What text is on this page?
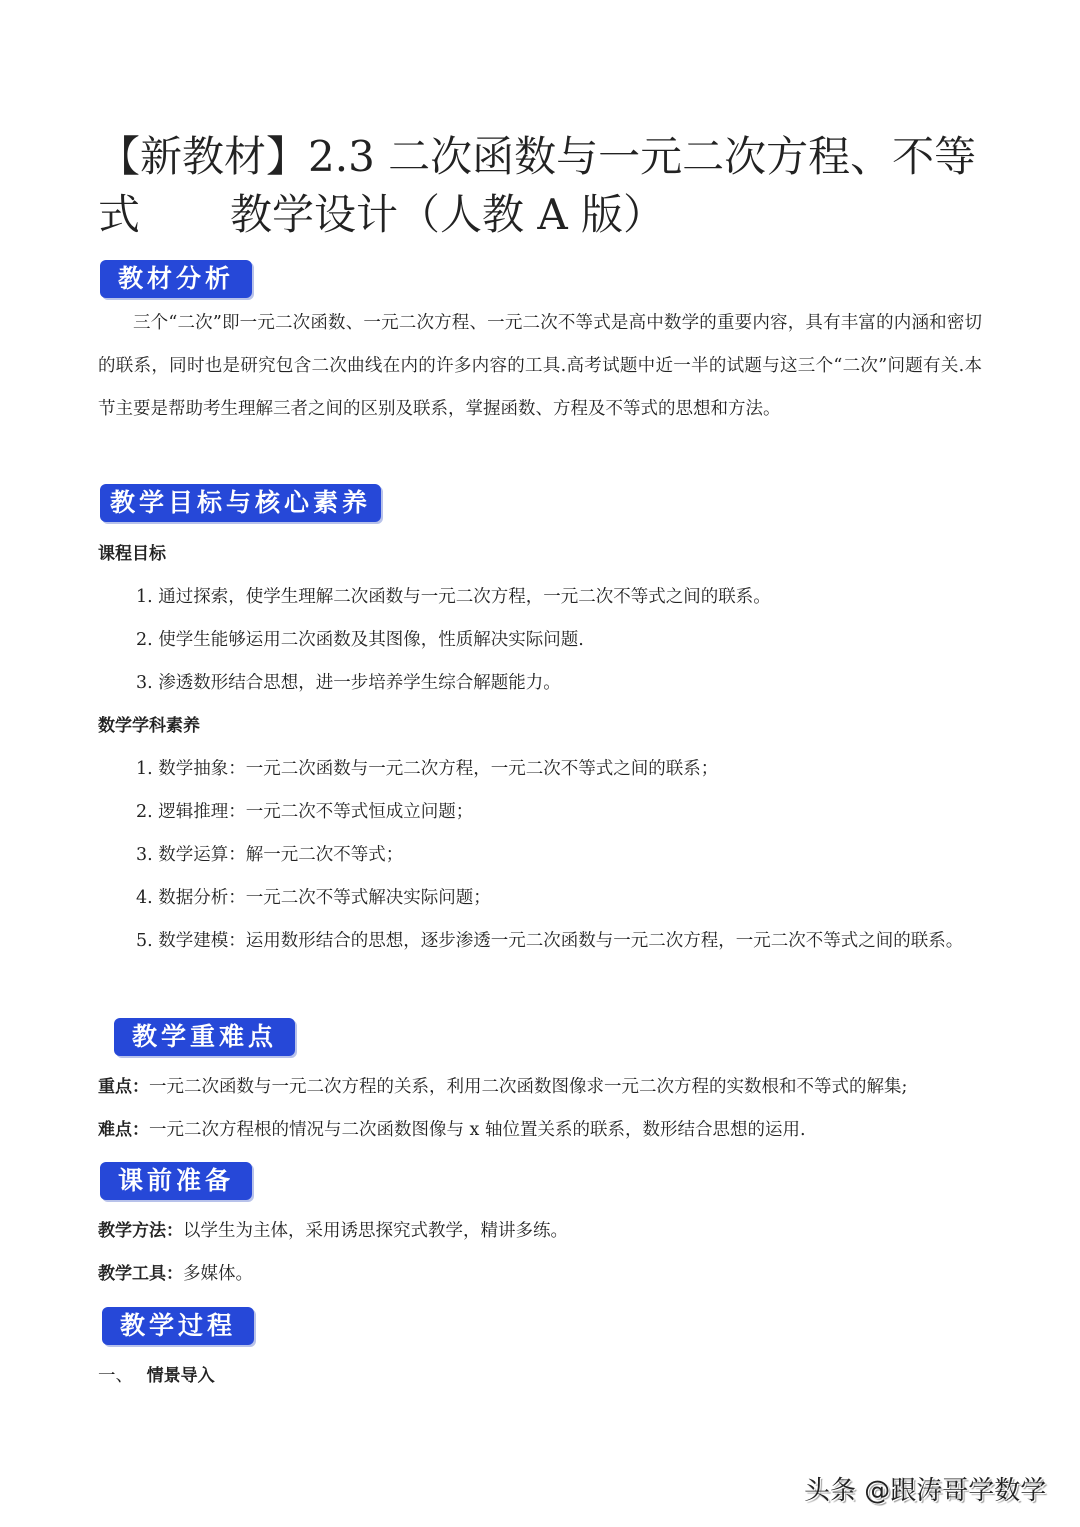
【新教材】2.3 二次函数与一元二次方程、不等
式 教学设计（人教 A 版）
教材分析
三个“二次”即一元二次函数、一元二次方程、一元二次不等式是高中数学的重要内容，具有丰富的内涵和密切的联系，同时也是研究包含二次曲线在内的许多内容的工具.高考试题中近一半的试题与这三个“二次”问题有关.本节主要是帮助考生理解三者之间的区别及联系，掌握函数、方程及不等式的思想和方法。
教学目标与核心素养
课程目标
1. 通过探索，使学生理解二次函数与一元二次方程，一元二次不等式之间的联系。
2. 使学生能够运用二次函数及其图像，性质解决实际问题.
3. 渗透数形结合思想，进一步培养学生综合解题能力。
数学学科素养
1. 数学抽象：一元二次函数与一元二次方程，一元二次不等式之间的联系；
2. 逻辑推理：一元二次不等式恒成立问题；
3. 数学运算：解一元二次不等式；
4. 数据分析：一元二次不等式解决实际问题；
5. 数学建模：运用数形结合的思想，逐步渗透一元二次函数与一元二次方程，一元二次不等式之间的联系。
教学重难点
重点：一元二次函数与一元二次方程的关系，利用二次函数图像求一元二次方程的实数根和不等式的解集;
难点：一元二次方程根的情况与二次函数图像与 x 轴位置关系的联系，数形结合思想的运用.
课前准备
教学方法：以学生为主体，采用诱思探究式教学，精讲多练。
教学工具：多媒体。
教学过程
一、 情景导入
头条 @跟涛哥学数学
